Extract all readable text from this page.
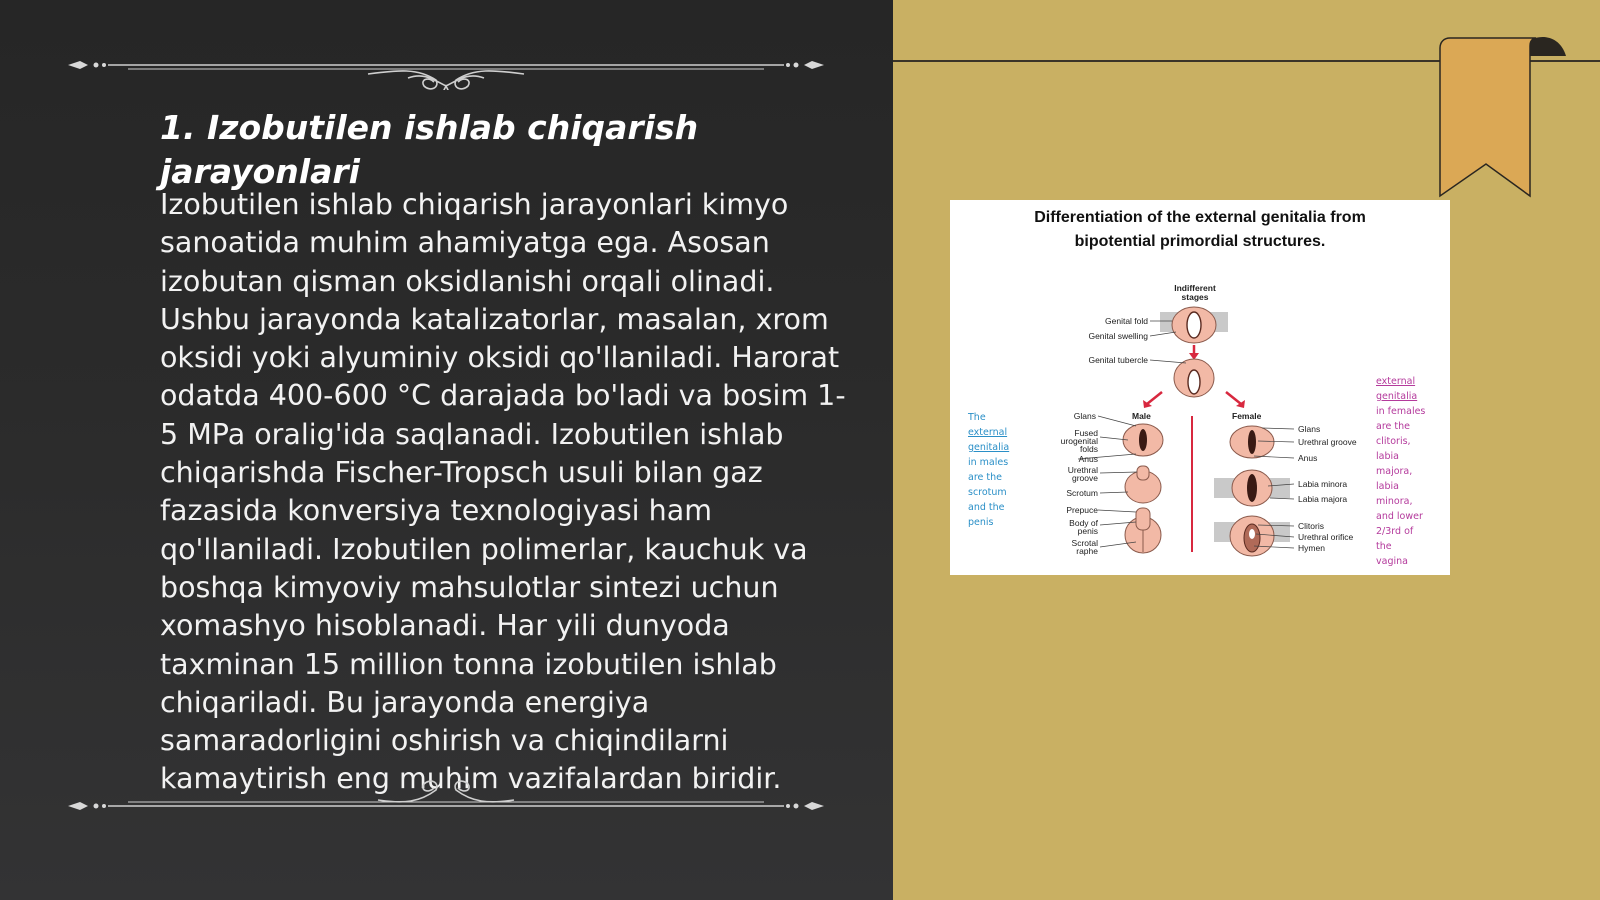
1. Izobutilen ishlab chiqarish jarayonlari

Izobutilen ishlab chiqarish jarayonlari kimyo sanoatida muhim ahamiyatga ega. Asosan izobutan qisman oksidlanishi orqali olinadi. Ushbu jarayonda katalizatorlar, masalan, xrom oksidi yoki alyuminiy oksidi qo'llaniladi. Harorat odatda 400-600 °C darajada bo'ladi va bosim 1-5 MPa oralig'ida saqlanadi. Izobutilen ishlab chiqarishda Fischer-Tropsch usuli bilan gaz fazasida konversiya texnologiyasi ham qo'llaniladi. Izobutilen polimerlar, kauchuk va boshqa kimyoviy mahsulotlar sintezi uchun xomashyo hisoblanadi. Har yili dunyoda taxminan 15 million tonna izobutilen ishlab chiqariladi. Bu jarayonda energiya samaradorligini oshirish va chiqindilarni kamaytirish eng muhim vazifalardan biridir.

Differentiation of the external genitalia from
bipotential primordial structures.

Indifferent
stages
Genital fold
Genital swelling
Genital tubercle
Male	Female
Glans
Fused
urogenital
folds
Anus
Urethral
groove
Scrotum
Prepuce
Body of
penis
Scrotal
raphe
Glans
Urethral groove
Anus
Labia minora
Labia majora
Clitoris
Urethral orifice
Hymen
The
external
genitalia
in males
are the
scrotum
and the
penis
external
genitalia
in females
are the
clitoris,
labia
majora,
labia
minora,
and lower
2/3rd of
the
vagina
